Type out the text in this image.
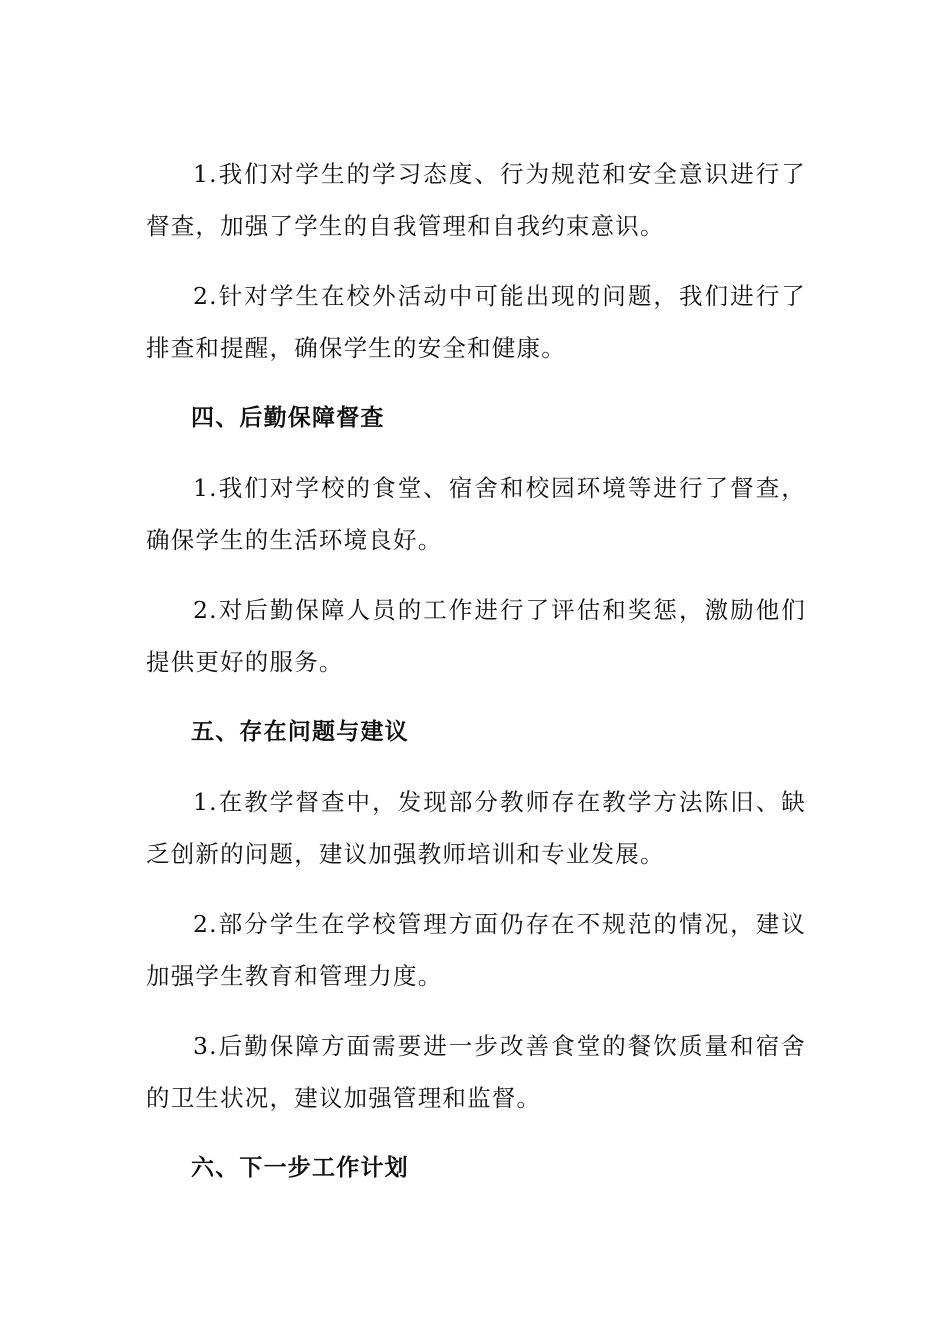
1.我们对学生的学习态度、行为规范和安全意识进行了督查，加强了学生的自我管理和自我约束意识。

2.针对学生在校外活动中可能出现的问题，我们进行了排查和提醒，确保学生的安全和健康。

四、后勤保障督查

1.我们对学校的食堂、宿舍和校园环境等进行了督查，确保学生的生活环境良好。

2.对后勤保障人员的工作进行了评估和奖惩，激励他们提供更好的服务。

五、存在问题与建议

1.在教学督查中，发现部分教师存在教学方法陈旧、缺乏创新的问题，建议加强教师培训和专业发展。

2.部分学生在学校管理方面仍存在不规范的情况，建议加强学生教育和管理力度。

3.后勤保障方面需要进一步改善食堂的餐饮质量和宿舍的卫生状况，建议加强管理和监督。

六、下一步工作计划
